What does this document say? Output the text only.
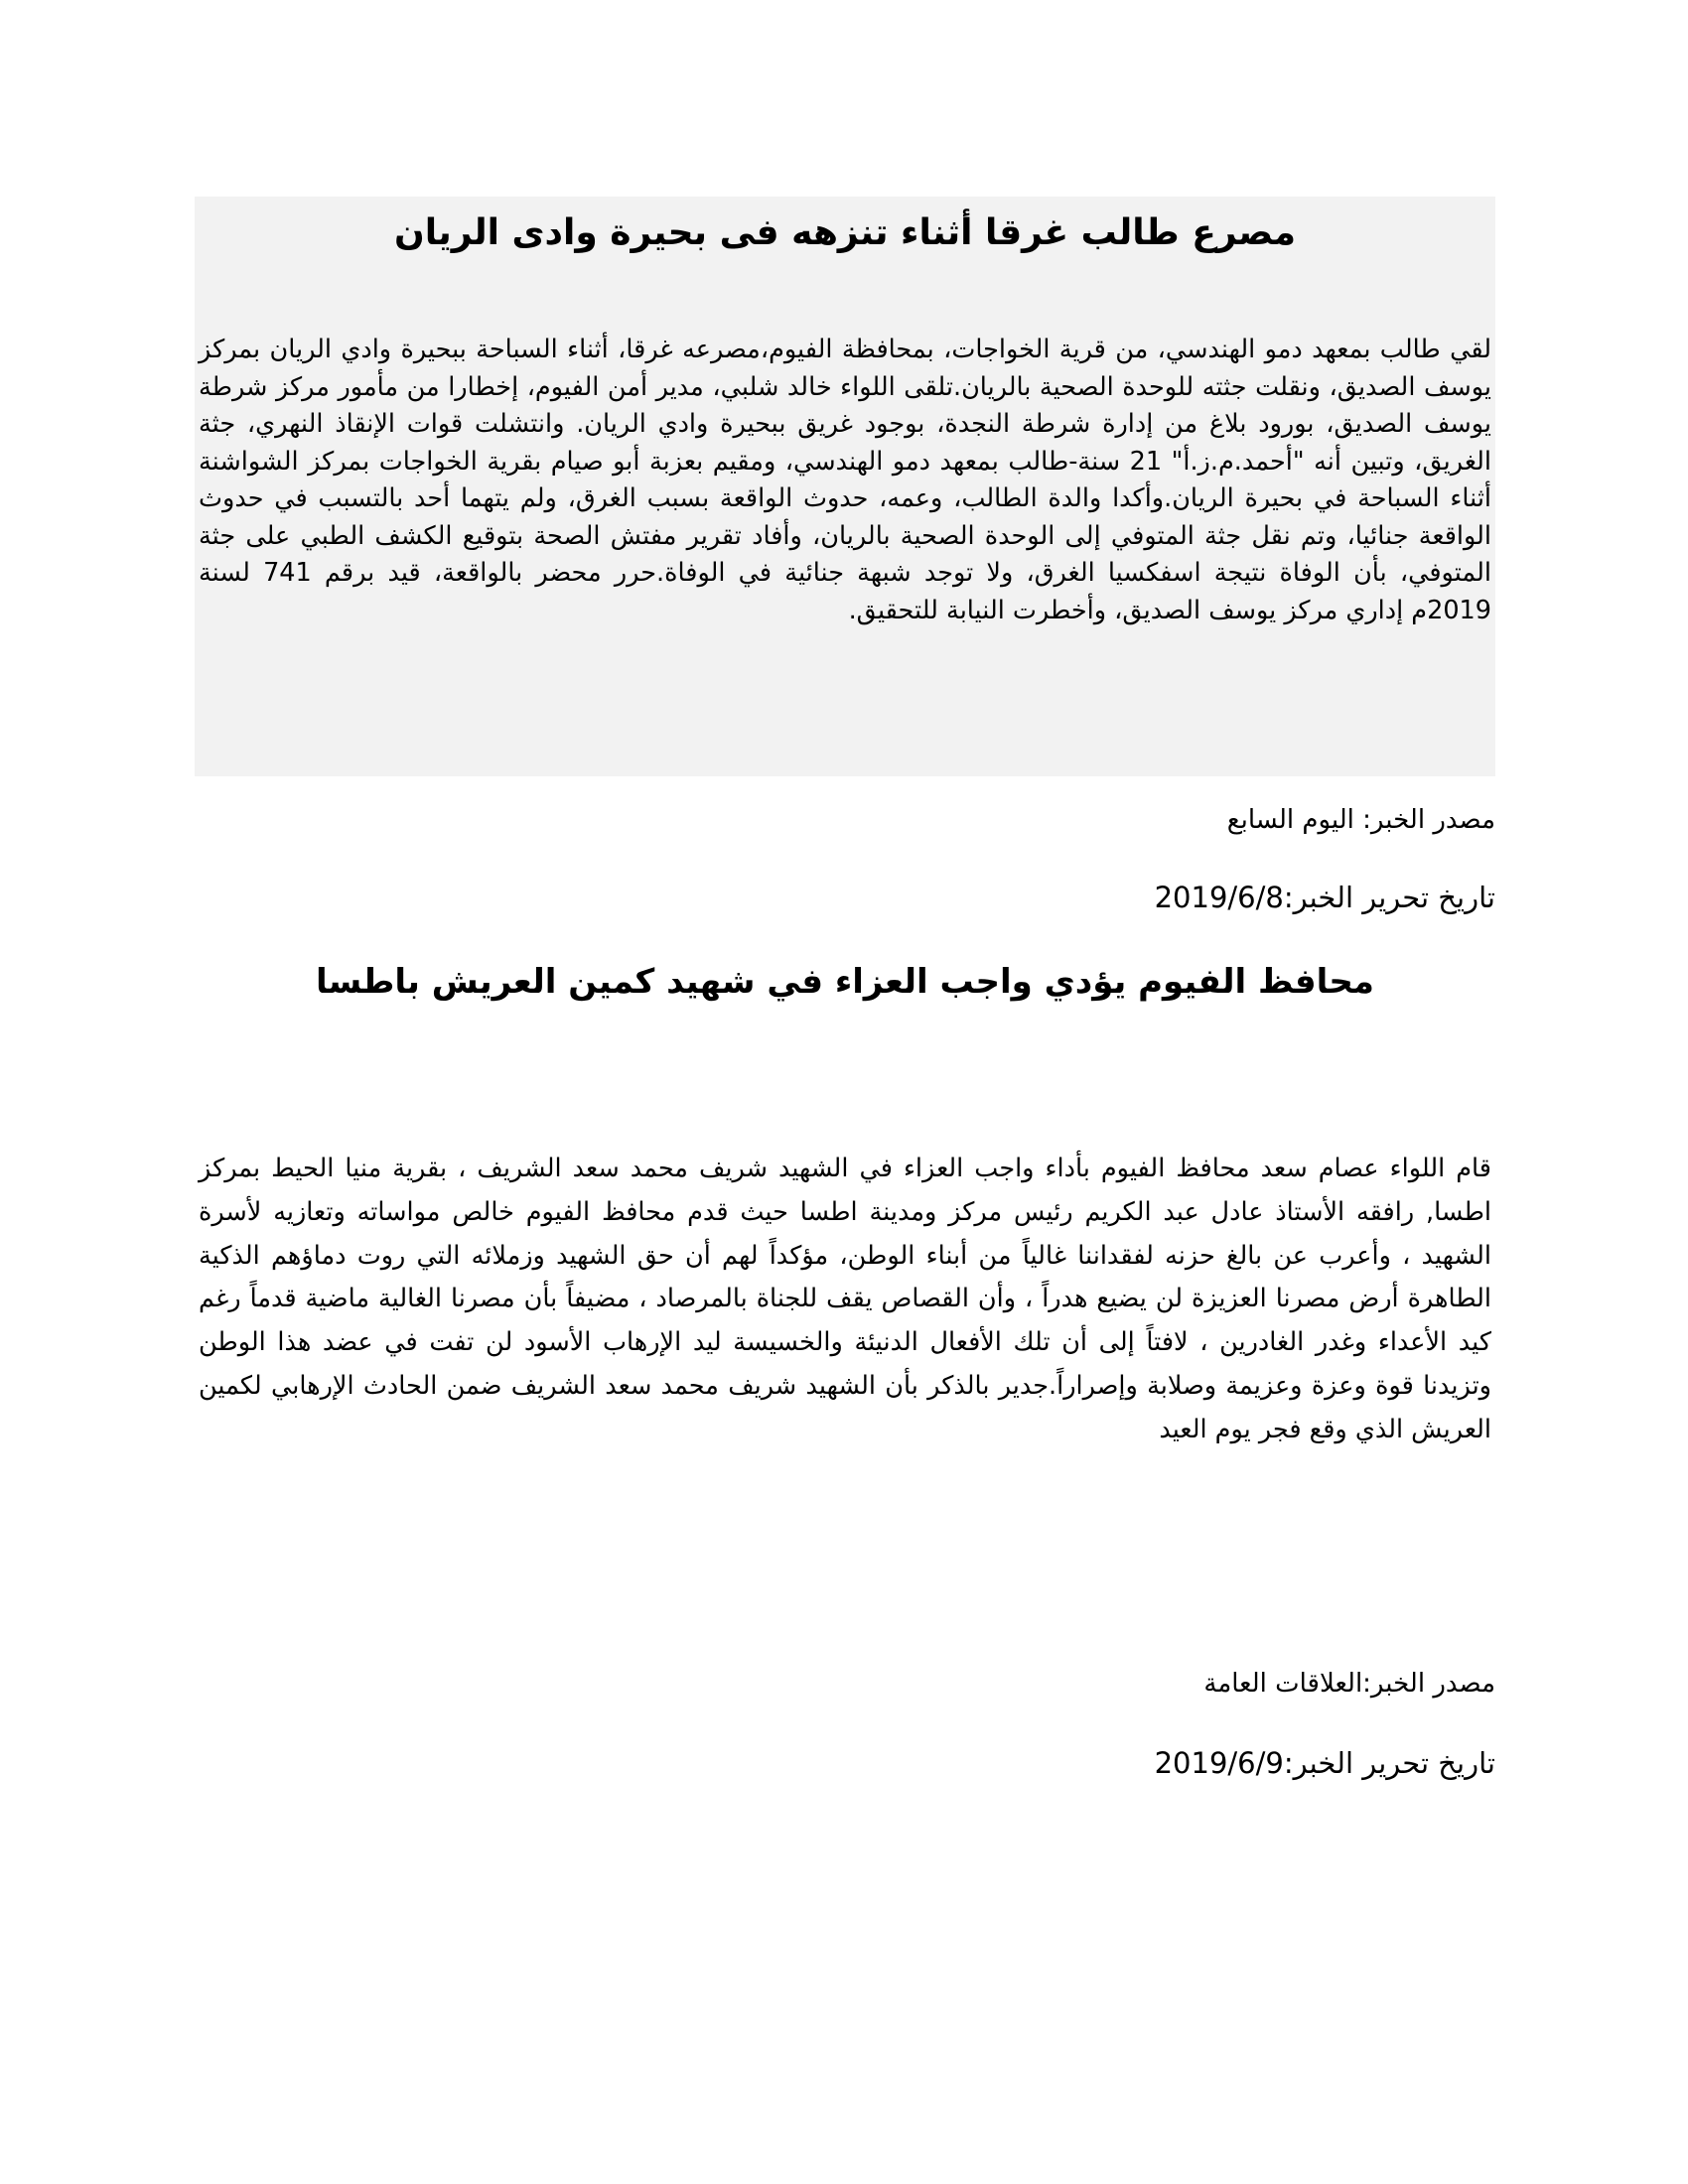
مصرع طالب غرقا أثناء تنزهه فى بحيرة وادى الريان

لقي طالب بمعهد دمو الهندسي، من قرية الخواجات، بمحافظة الفيوم،مصرعه غرقا، أثناء السباحة ببحيرة وادي الريان بمركز يوسف الصديق، ونقلت جثته للوحدة الصحية بالريان.تلقى اللواء خالد شلبي، مدير أمن الفيوم، إخطارا من مأمور مركز شرطة يوسف الصديق، بورود بلاغ من إدارة شرطة النجدة، بوجود غريق ببحيرة وادي الريان. وانتشلت قوات الإنقاذ النهري، جثة الغريق، وتبين أنه "أحمد.م.ز.أ" 21 سنة-طالب بمعهد دمو الهندسي، ومقيم بعزبة أبو صيام بقرية الخواجات بمركز الشواشنة أثناء السباحة في بحيرة الريان.وأكدا والدة الطالب، وعمه، حدوث الواقعة بسبب الغرق، ولم يتهما أحد بالتسبب في حدوث الواقعة جنائيا، وتم نقل جثة المتوفي إلى الوحدة الصحية بالريان، وأفاد تقرير مفتش الصحة بتوقيع الكشف الطبي على جثة المتوفي، بأن الوفاة نتيجة اسفكسيا الغرق، ولا توجد شبهة جنائية في الوفاة.حرر محضر بالواقعة، قيد برقم 741 لسنة 2019م إداري مركز يوسف الصديق، وأخطرت النيابة للتحقيق.

مصدر الخبر: اليوم السابع

تاريخ تحرير الخبر:2019/6/8

محافظ الفيوم يؤدي واجب العزاء في شهيد كمين العريش باطسا

قام اللواء عصام سعد محافظ الفيوم بأداء واجب العزاء في الشهيد شريف محمد سعد الشريف ، بقرية منيا الحيط بمركز اطسا, رافقه الأستاذ عادل عبد الكريم رئيس مركز ومدينة اطسا حيث قدم محافظ الفيوم خالص مواساته وتعازيه لأسرة الشهيد ، وأعرب عن بالغ حزنه لفقداننا غالياً من أبناء الوطن، مؤكداً لهم أن حق الشهيد وزملائه التي روت دماؤهم الذكية الطاهرة أرض مصرنا العزيزة لن يضيع هدراً ، وأن القصاص يقف للجناة بالمرصاد ، مضيفاً بأن مصرنا الغالية ماضية قدماً رغم كيد الأعداء وغدر الغادرين ، لافتاً إلى أن تلك الأفعال الدنيئة والخسيسة ليد الإرهاب الأسود لن تفت في عضد هذا الوطن وتزيدنا قوة وعزة وعزيمة وصلابة وإصراراً.جدير بالذكر بأن الشهيد شريف محمد سعد الشريف ضمن الحادث الإرهابي لكمين العريش الذي وقع فجر يوم العيد

مصدر الخبر:العلاقات العامة

تاريخ تحرير الخبر:2019/6/9
